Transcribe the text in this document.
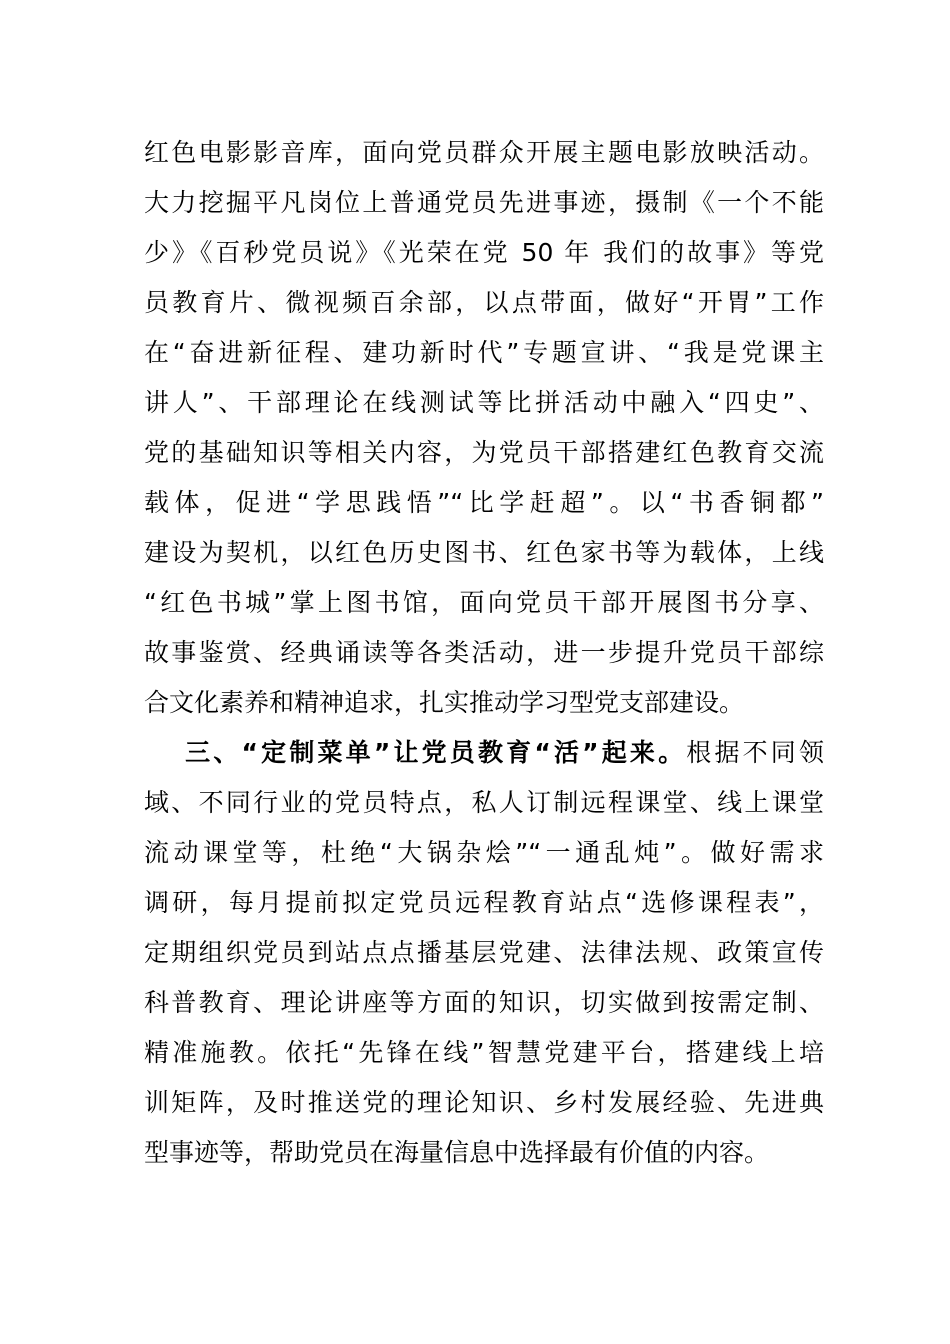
红色电影影音库，面向党员群众开展主题电影放映活动。
大力挖掘平凡岗位上普通党员先进事迹，摄制《一个不能
少》《百秒党员说》《光荣在党 50 年 我们的故事》等党
员教育片、微视频百余部，以点带面，做好“开胃”工作
在“奋进新征程、建功新时代”专题宣讲、“我是党课主
讲人”、干部理论在线测试等比拼活动中融入“四史”、
党的基础知识等相关内容，为党员干部搭建红色教育交流
载体，促进“学思践悟”“比学赶超”。以“书香铜都”
建设为契机，以红色历史图书、红色家书等为载体，上线
“红色书城”掌上图书馆，面向党员干部开展图书分享、
故事鉴赏、经典诵读等各类活动，进一步提升党员干部综
合文化素养和精神追求，扎实推动学习型党支部建设。
三、“定制菜单”让党员教育“活”起来。根据不同领
域、不同行业的党员特点，私人订制远程课堂、线上课堂
流动课堂等，杜绝“大锅杂烩”“一通乱炖”。做好需求
调研，每月提前拟定党员远程教育站点“选修课程表”，
定期组织党员到站点点播基层党建、法律法规、政策宣传
科普教育、理论讲座等方面的知识，切实做到按需定制、
精准施教。依托“先锋在线”智慧党建平台，搭建线上培
训矩阵，及时推送党的理论知识、乡村发展经验、先进典
型事迹等，帮助党员在海量信息中选择最有价值的内容。
